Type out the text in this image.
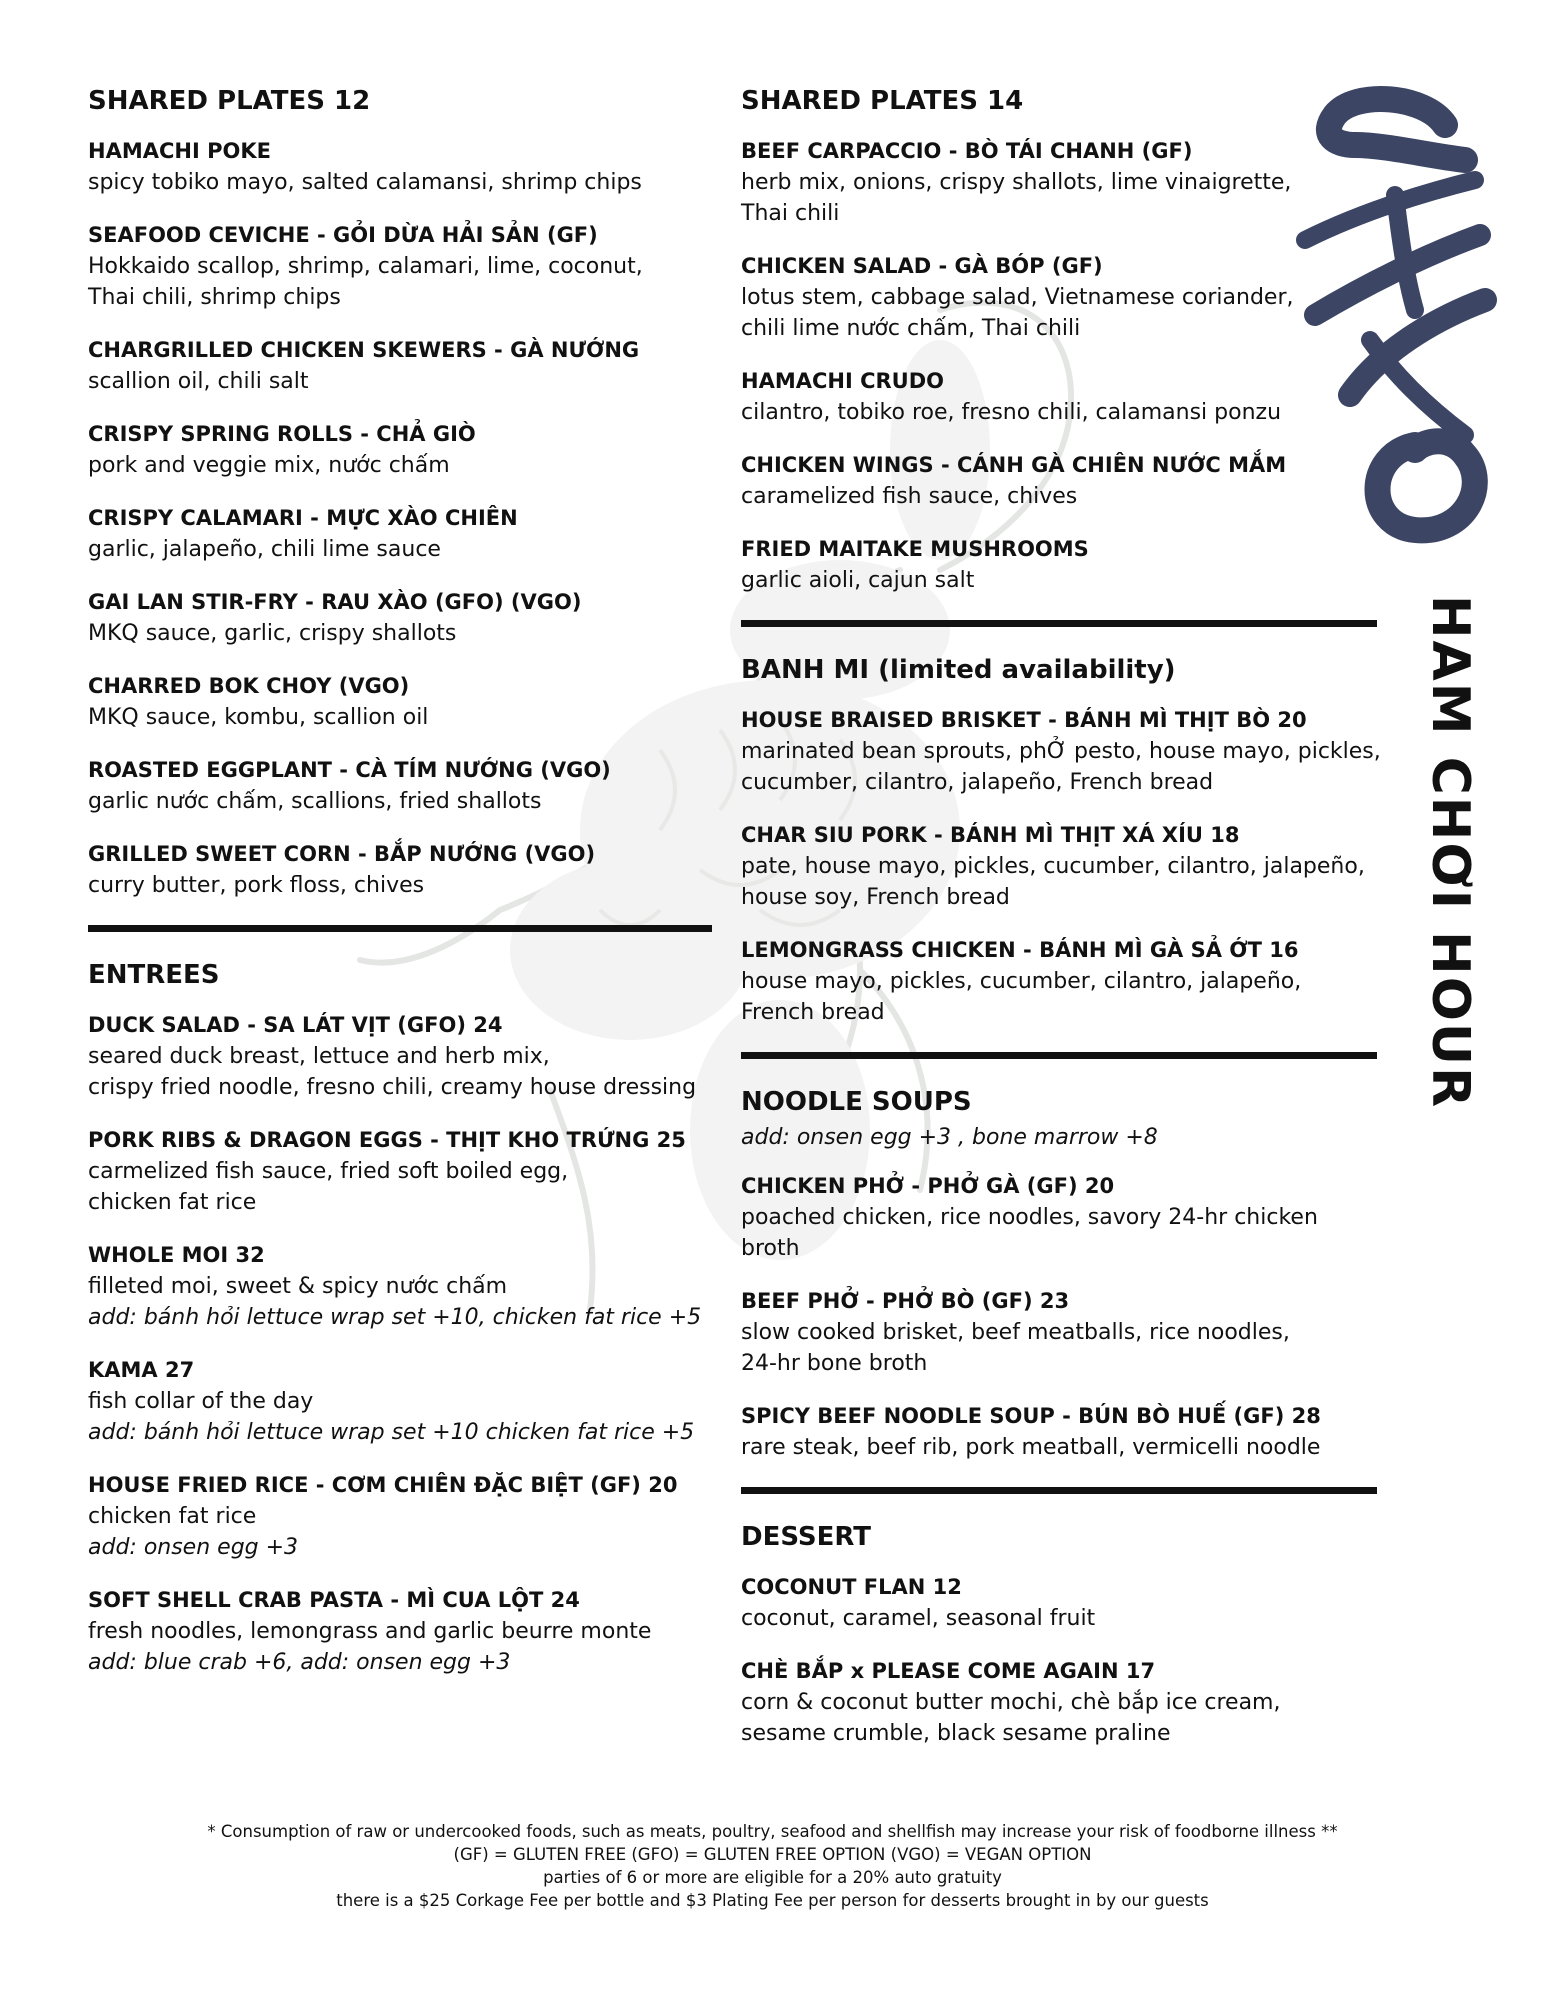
SHARED PLATES 12
HAMACHI POKE
spicy tobiko mayo, salted calamansi, shrimp chips
SEAFOOD CEVICHE - GỎI DỪA HẢI SẢN (GF)
Hokkaido scallop, shrimp, calamari, lime, coconut,
Thai chili, shrimp chips
CHARGRILLED CHICKEN SKEWERS - GÀ NƯỚNG
scallion oil, chili salt
CRISPY SPRING ROLLS - CHẢ GIÒ
pork and veggie mix, nước chấm
CRISPY CALAMARI - MỰC XÀO CHIÊN
garlic, jalapeño, chili lime sauce
GAI LAN STIR-FRY - RAU XÀO (GFO) (VGO)
MKQ sauce, garlic, crispy shallots
CHARRED BOK CHOY (VGO)
MKQ sauce, kombu, scallion oil
ROASTED EGGPLANT - CÀ TÍM NƯỚNG (VGO)
garlic nước chấm, scallions, fried shallots
GRILLED SWEET CORN - BẮP NƯỚNG (VGO)
curry butter, pork floss, chives
ENTREES
DUCK SALAD - SA LÁT VỊT (GFO) 24
seared duck breast, lettuce and herb mix,
crispy fried noodle, fresno chili, creamy house dressing
PORK RIBS & DRAGON EGGS - THỊT KHO TRỨNG 25
carmelized fish sauce, fried soft boiled egg,
chicken fat rice
WHOLE MOI 32
filleted moi, sweet & spicy nước chấm
add: bánh hỏi lettuce wrap set +10, chicken fat rice +5
KAMA 27
fish collar of the day
add: bánh hỏi lettuce wrap set +10 chicken fat rice +5
HOUSE FRIED RICE - CƠM CHIÊN ĐẶC BIỆT (GF) 20
chicken fat rice
add: onsen egg +3
SOFT SHELL CRAB PASTA - MÌ CUA LỘT 24
fresh noodles, lemongrass and garlic beurre monte
add: blue crab +6, add: onsen egg +3
SHARED PLATES 14
BEEF CARPACCIO - BÒ TÁI CHANH (GF)
herb mix, onions, crispy shallots, lime vinaigrette,
Thai chili
CHICKEN SALAD - GÀ BÓP (GF)
lotus stem, cabbage salad, Vietnamese coriander,
chili lime nước chấm, Thai chili
HAMACHI CRUDO
cilantro, tobiko roe, fresno chili, calamansi ponzu
CHICKEN WINGS - CÁNH GÀ CHIÊN NƯỚC MẮM
caramelized fish sauce, chives
FRIED MAITAKE MUSHROOMS
garlic aioli, cajun salt
BANH MI (limited availability)
HOUSE BRAISED BRISKET - BÁNH MÌ THỊT BÒ 20
marinated bean sprouts, phỞ pesto, house mayo, pickles,
cucumber, cilantro, jalapeño, French bread
CHAR SIU PORK - BÁNH MÌ THỊT XÁ XÍU 18
pate, house mayo, pickles, cucumber, cilantro, jalapeño,
house soy, French bread
LEMONGRASS CHICKEN - BÁNH MÌ GÀ SẢ ỚT 16
house mayo, pickles, cucumber, cilantro, jalapeño,
French bread
NOODLE SOUPS
add: onsen egg +3 , bone marrow +8
CHICKEN PHỞ - PHỞ GÀ (GF) 20
poached chicken, rice noodles, savory 24-hr chicken broth
BEEF PHỞ - PHỞ BÒ (GF) 23
slow cooked brisket, beef meatballs, rice noodles,
24-hr bone broth
SPICY BEEF NOODLE SOUP - BÚN BÒ HUẾ (GF) 28
rare steak, beef rib, pork meatball, vermicelli noodle
DESSERT
COCONUT FLAN 12
coconut, caramel, seasonal fruit
CHÈ BẮP x PLEASE COME AGAIN 17
corn & coconut butter mochi, chè bắp ice cream,
sesame crumble, black sesame praline
HAM CHƠI HOUR
* Consumption of raw or undercooked foods, such as meats, poultry, seafood and shellfish may increase your risk of foodborne illness **
(GF) = GLUTEN FREE (GFO) = GLUTEN FREE OPTION (VGO) = VEGAN OPTION
parties of 6 or more are eligible for a 20% auto gratuity
there is a $25 Corkage Fee per bottle and $3 Plating Fee per person for desserts brought in by our guests
